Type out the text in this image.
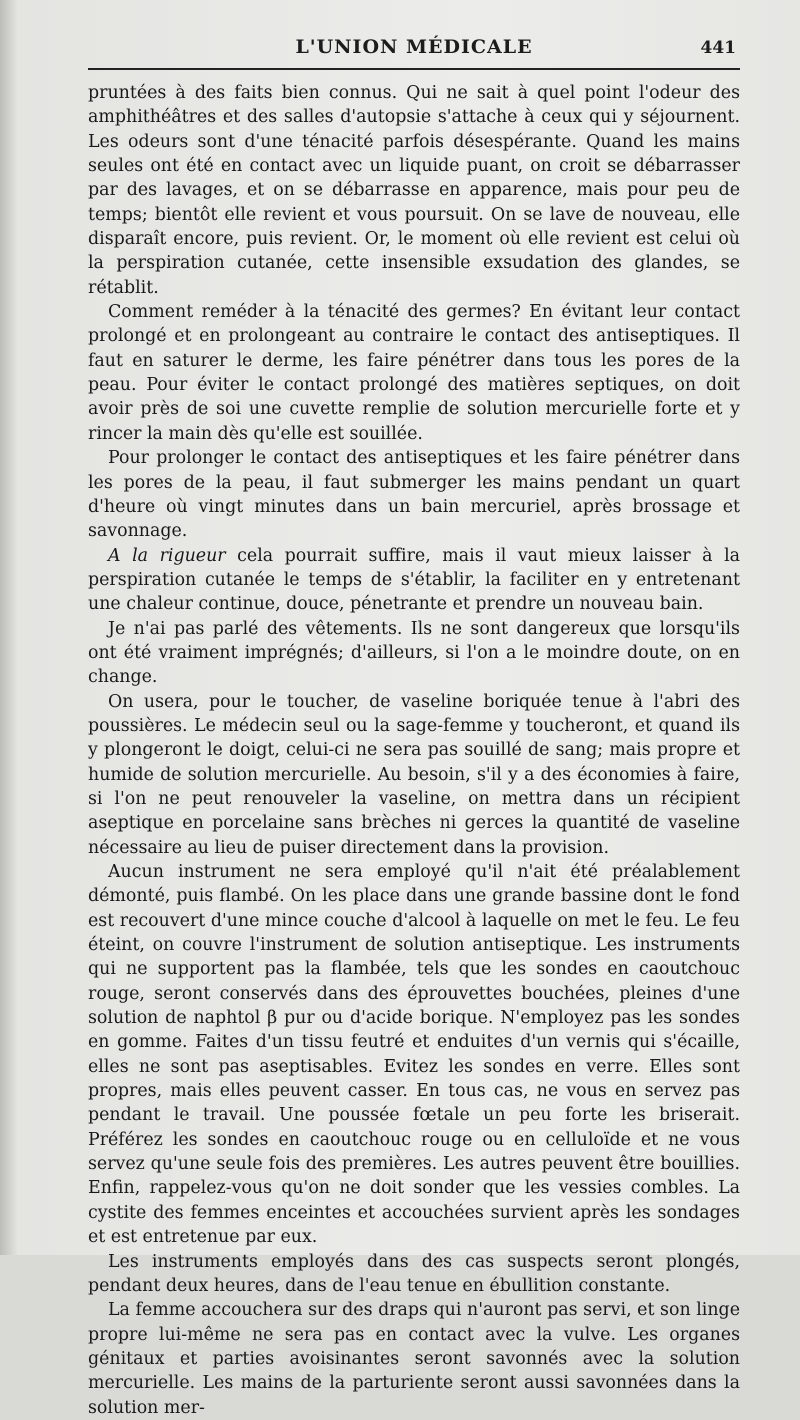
L'UNION MÉDICALE	441

pruntées à des faits bien connus. Qui ne sait à quel point l'odeur des amphithéâtres et des salles d'autopsie s'attache à ceux qui y séjournent. Les odeurs sont d'une ténacité parfois désespérante. Quand les mains seules ont été en contact avec un liquide puant, on croit se débarrasser par des lavages, et on se débarrasse en apparence, mais pour peu de temps; bientôt elle revient et vous poursuit. On se lave de nouveau, elle disparaît encore, puis revient. Or, le moment où elle revient est celui où la perspiration cutanée, cette insensible exsudation des glandes, se rétablit.

Comment reméder à la ténacité des germes? En évitant leur contact prolongé et en prolongeant au contraire le contact des antiseptiques. Il faut en saturer le derme, les faire pénétrer dans tous les pores de la peau. Pour éviter le contact prolongé des matières septiques, on doit avoir près de soi une cuvette remplie de solution mercurielle forte et y rincer la main dès qu'elle est souillée.

Pour prolonger le contact des antiseptiques et les faire pénétrer dans les pores de la peau, il faut submerger les mains pendant un quart d'heure où vingt minutes dans un bain mercuriel, après brossage et savonnage.

A la rigueur cela pourrait suffire, mais il vaut mieux laisser à la perspiration cutanée le temps de s'établir, la faciliter en y entretenant une chaleur continue, douce, pénetrante et prendre un nouveau bain.

Je n'ai pas parlé des vêtements. Ils ne sont dangereux que lorsqu'ils ont été vraiment imprégnés; d'ailleurs, si l'on a le moindre doute, on en change.

On usera, pour le toucher, de vaseline boriquée tenue à l'abri des poussières. Le médecin seul ou la sage-femme y toucheront, et quand ils y plongeront le doigt, celui-ci ne sera pas souillé de sang; mais propre et humide de solution mercurielle. Au besoin, s'il y a des économies à faire, si l'on ne peut renouveler la vaseline, on mettra dans un récipient aseptique en porcelaine sans brèches ni gerces la quantité de vaseline nécessaire au lieu de puiser directement dans la provision.

Aucun instrument ne sera employé qu'il n'ait été préalablement démonté, puis flambé. On les place dans une grande bassine dont le fond est recouvert d'une mince couche d'alcool à laquelle on met le feu. Le feu éteint, on couvre l'instrument de solution antiseptique. Les instruments qui ne supportent pas la flambée, tels que les sondes en caoutchouc rouge, seront conservés dans des éprouvettes bouchées, pleines d'une solution de naphtol β pur ou d'acide borique. N'employez pas les sondes en gomme. Faites d'un tissu feutré et enduites d'un vernis qui s'écaille, elles ne sont pas aseptisables. Evitez les sondes en verre. Elles sont propres, mais elles peuvent casser. En tous cas, ne vous en servez pas pendant le travail. Une poussée fœtale un peu forte les briserait. Préférez les sondes en caoutchouc rouge ou en celluloïde et ne vous servez qu'une seule fois des premières. Les autres peuvent être bouillies. Enfin, rappelez-vous qu'on ne doit sonder que les vessies combles. La cystite des femmes enceintes et accouchées survient après les sondages et est entretenue par eux.

Les instruments employés dans des cas suspects seront plongés, pendant deux heures, dans de l'eau tenue en ébullition constante.

La femme accouchera sur des draps qui n'auront pas servi, et son linge propre lui-même ne sera pas en contact avec la vulve. Les organes génitaux et parties avoisinantes seront savonnés avec la solution mercurielle. Les mains de la parturiente seront aussi savonnées dans la solution mer-
